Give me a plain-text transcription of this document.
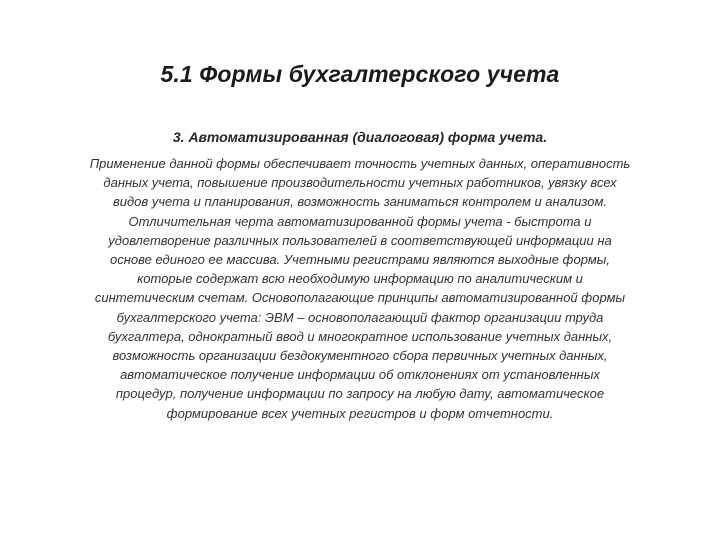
5.1 Формы бухгалтерского учета
3. Автоматизированная (диалоговая) форма учета.

Применение данной формы обеспечивает точность учетных данных, оперативность
данных учета, повышение производительности учетных работников, увязку всех
видов учета и планирования, возможность заниматься контролем и анализом.
Отличительная черта автоматизированной формы учета - быстрота и
удовлетворение различных пользователей в соответствующей информации на
основе единого ее массива. Учетными регистрами являются выходные формы,
которые содержат всю необходимую информацию по аналитическим и
синтетическим счетам. Основополагающие принципы автоматизированной формы
бухгалтерского учета: ЭВМ – основополагающий фактор организации труда
бухгалтера, однократный ввод и многократное использование учетных данных,
возможность организации бездокументного сбора первичных учетных данных,
автоматическое получение информации об отклонениях от установленных
процедур, получение информации по запросу на любую дату, автоматическое
формирование всех учетных регистров и форм отчетности.
